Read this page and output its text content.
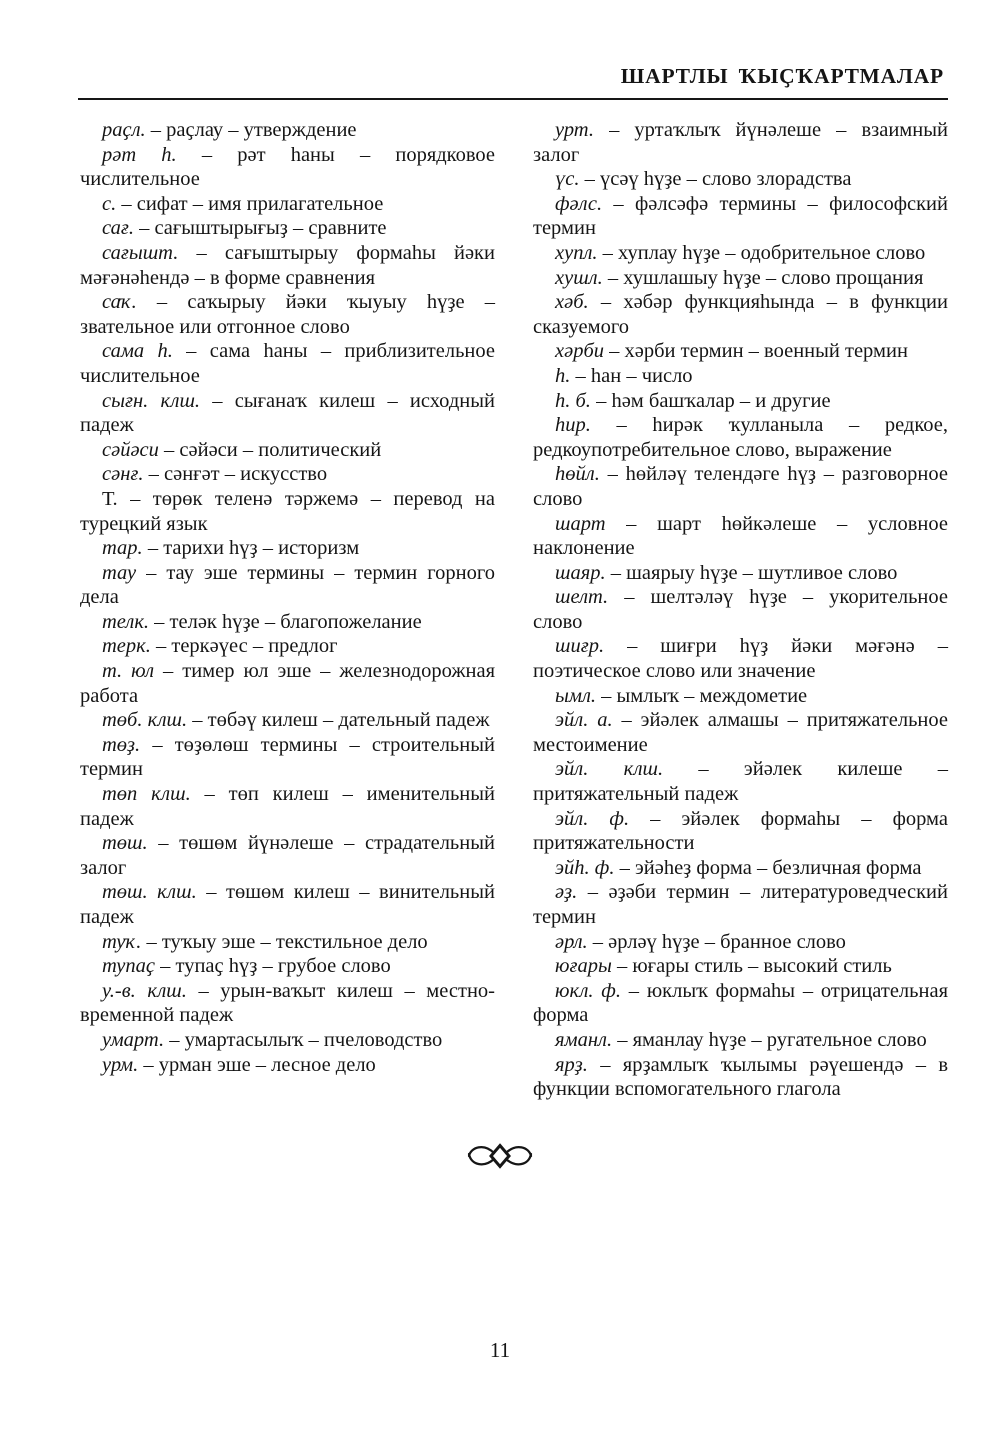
ШАРТЛЫ ҠЫҪҠАРТМАЛАР

раҫл. – раҫлау – утверждение

рәт һ. – рәт һаны – порядковое числительное

с. – сифат – имя прилагательное

сағ. – сағыштырығыҙ – сравните

сағышт. – сағыштырыу формаһы йәки мәғәнәһендә – в форме сравнения

саҡ. – саҡырыу йәки ҡыуыу һүҙе – звательное или отгонное слово

сама һ. – сама һаны – приблизительное числительное

сығн. клш. – сығанаҡ килеш – исходный падеж

сәйәси – сәйәси – политический

сәнғ. – сәнғәт – искусство

Т. – төрөк теленә тәржемә – перевод на турецкий язык

тар. – тарихи һүҙ – историзм

тау – тау эше термины – термин горного дела

телк. – теләк һүҙе – благопожелание

терк. – теркәүес – предлог

т. юл – тимер юл эше – железнодорожная работа

төб. клш. – төбәү килеш – дательный падеж

төҙ. – төҙөлөш термины – строительный термин

төп клш. – төп килеш – именительный падеж

төш. – төшөм йүнәлеше – страдательный залог

төш. клш. – төшөм килеш – винительный падеж

туҡ. – туҡыу эше – текстильное дело

тупаҫ – тупаҫ һүҙ – грубое слово

у.-в. клш. – урын-ваҡыт килеш – местно-временной падеж

умарт. – умартасылыҡ – пчеловодство

урм. – урман эше – лесное дело

урт. – уртаҡлыҡ йүнәлеше – взаимный залог

үс. – үсәү һүҙе – слово злорадства

фәлс. – фәлсәфә термины – философский термин

хупл. – хуплау һүҙе – одобрительное слово

хушл. – хушлашыу һүҙе – слово прощания

хәб. – хәбәр функцияһында – в функции сказуемого

хәрби – хәрби термин – военный термин

һ. – һан – число

һ. б. – һәм башҡалар – и другие

һир. – һирәк ҡулланыла – редкое, редкоупотребительное слово, выражение

һөйл. – һөйләү телендәге һүҙ – разговорное слово

шарт – шарт һөйкәлеше – условное наклонение

шаяр. – шаярыу һүҙе – шутливое слово

шелт. – шелтәләү һүҙе – укорительное слово

шиғр. – шиғри һүҙ йәки мәғәнә – поэтическое слово или значение

ымл. – ымлыҡ – междометие

эйл. а. – эйәлек алмашы – притяжательное местоимение

эйл. клш. – эйәлек килеше – притяжательный падеж

эйл. ф. – эйәлек формаһы – форма притяжательности

эйһ. ф. – эйәһеҙ форма – безличная форма

әҙ. – әҙәби термин – литературоведческий термин

әрл. – әрләү һүҙе – бранное слово

юғары – юғары стиль – высокий стиль

юкл. ф. – юклыҡ формаһы – отрицательная форма

яманл. – яманлау һүҙе – ругательное слово

ярҙ. – ярҙамлыҡ ҡылымы рәүешендә – в функции вспомогательного глагола

11
